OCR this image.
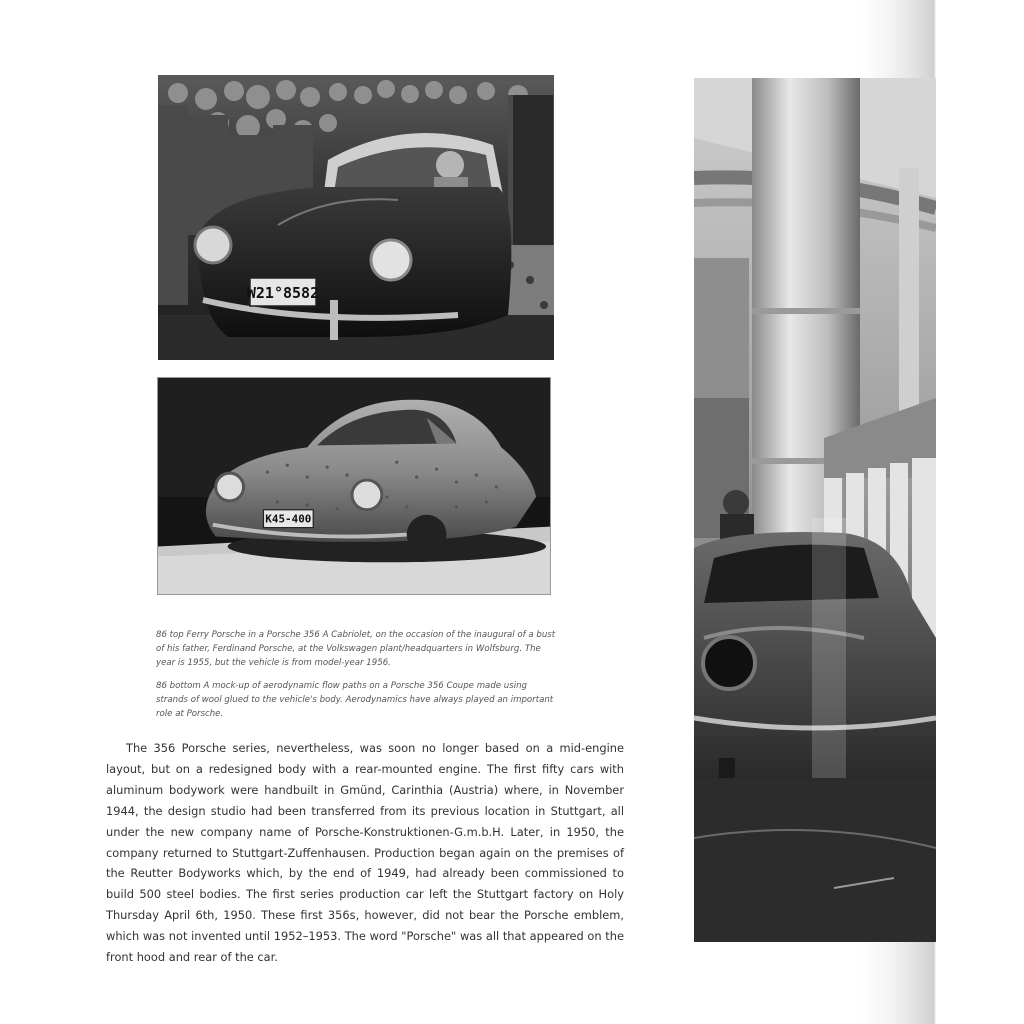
W21°8582
K45-400

86 top Ferry Porsche in a Porsche 356 A Cabriolet, on the occasion of the inaugural of a bust of his father, Ferdinand Porsche, at the Volkswagen plant/headquarters in Wolfsburg. The year is 1955, but the vehicle is from model-year 1956.

86 bottom A mock-up of aerodynamic flow paths on a Porsche 356 Coupe made using strands of wool glued to the vehicle's body. Aerodynamics have always played an important role at Porsche.

The 356 Porsche series, nevertheless, was soon no longer based on a mid-engine layout, but on a redesigned body with a rear-mounted engine. The first fifty cars with aluminum bodywork were handbuilt in Gmünd, Carinthia (Austria) where, in November 1944, the design studio had been transferred from its previous location in Stuttgart, all under the new company name of Porsche-Konstruktionen-G.m.b.H. Later, in 1950, the company returned to Stuttgart-Zuffenhausen. Production began again on the premises of the Reutter Bodyworks which, by the end of 1949, had already been commissioned to build 500 steel bodies. The first series production car left the Stuttgart factory on Holy Thursday April 6th, 1950. These first 356s, however, did not bear the Porsche emblem, which was not invented until 1952–1953. The word "Porsche" was all that appeared on the front hood and rear of the car.
